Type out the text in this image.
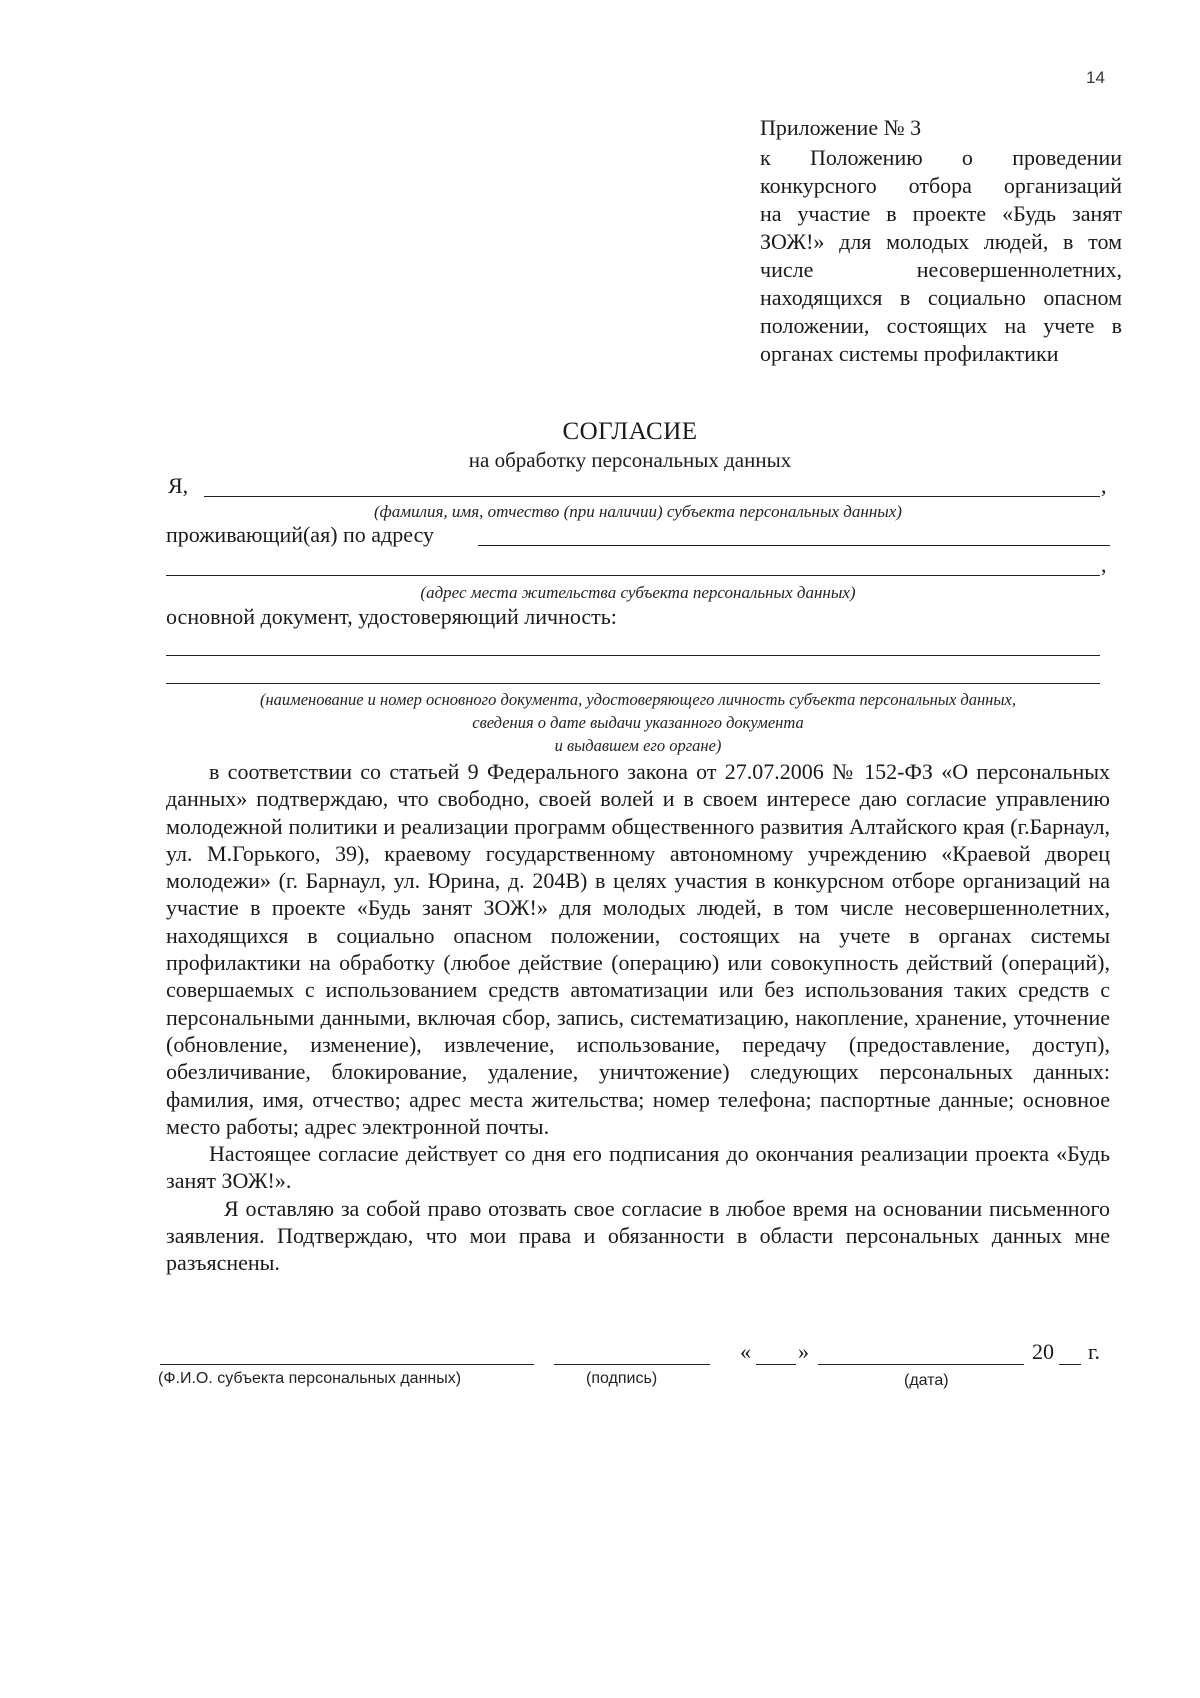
14
Приложение № 3
к Положению о проведении
конкурсного отбора организаций
на участие в проекте «Будь занят
ЗОЖ!» для молодых людей, в том
числе несовершеннолетних,
находящихся в социально опасном
положении, состоящих на учете в
органах системы профилактики
СОГЛАСИЕ
на обработку персональных данных
Я,	,
(фамилия, имя, отчество (при наличии) субъекта персональных данных)
проживающий(ая) по адресу
,
(адрес места жительства субъекта персональных данных)
основной документ, удостоверяющий личность:
(наименование и номер основного документа, удостоверяющего личность субъекта персональных данных,
сведения о дате выдачи указанного документа
и выдавшем его органе)

в соответствии со статьей 9 Федерального закона от 27.07.2006 № 152-ФЗ «О персональных данных» подтверждаю, что свободно, своей волей и в своем интересе даю согласие управлению молодежной политики и реализации программ общественного развития Алтайского края (г.Барнаул, ул. М.Горького, 39), краевому государственному автономному учреждению «Краевой дворец молодежи» (г. Барнаул, ул. Юрина, д. 204В) в целях участия в конкурсном отборе организаций на участие в проекте «Будь занят ЗОЖ!» для молодых людей, в том числе несовершеннолетних, находящихся в социально опасном положении, состоящих на учете в органах системы профилактики на обработку (любое действие (операцию) или совокупность действий (операций), совершаемых с использованием средств автоматизации или без использования таких средств с персональными данными, включая сбор, запись, систематизацию, накопление, хранение, уточнение (обновление, изменение), извлечение, использование, передачу (предоставление, доступ), обезличивание, блокирование, удаление, уничтожение) следующих персональных данных: фамилия, имя, отчество; адрес места жительства; номер телефона; паспортные данные; основное место работы; адрес электронной почты.

Настоящее согласие действует со дня его подписания до окончания реализации проекта «Будь занят ЗОЖ!».

Я оставляю за собой право отозвать свое согласие в любое время на основании письменного заявления. Подтверждаю, что мои права и обязанности в области персональных данных мне разъяснены.

« »	20 г.
(Ф.И.О. субъекта персональных данных)	(подпись)	(дата)
